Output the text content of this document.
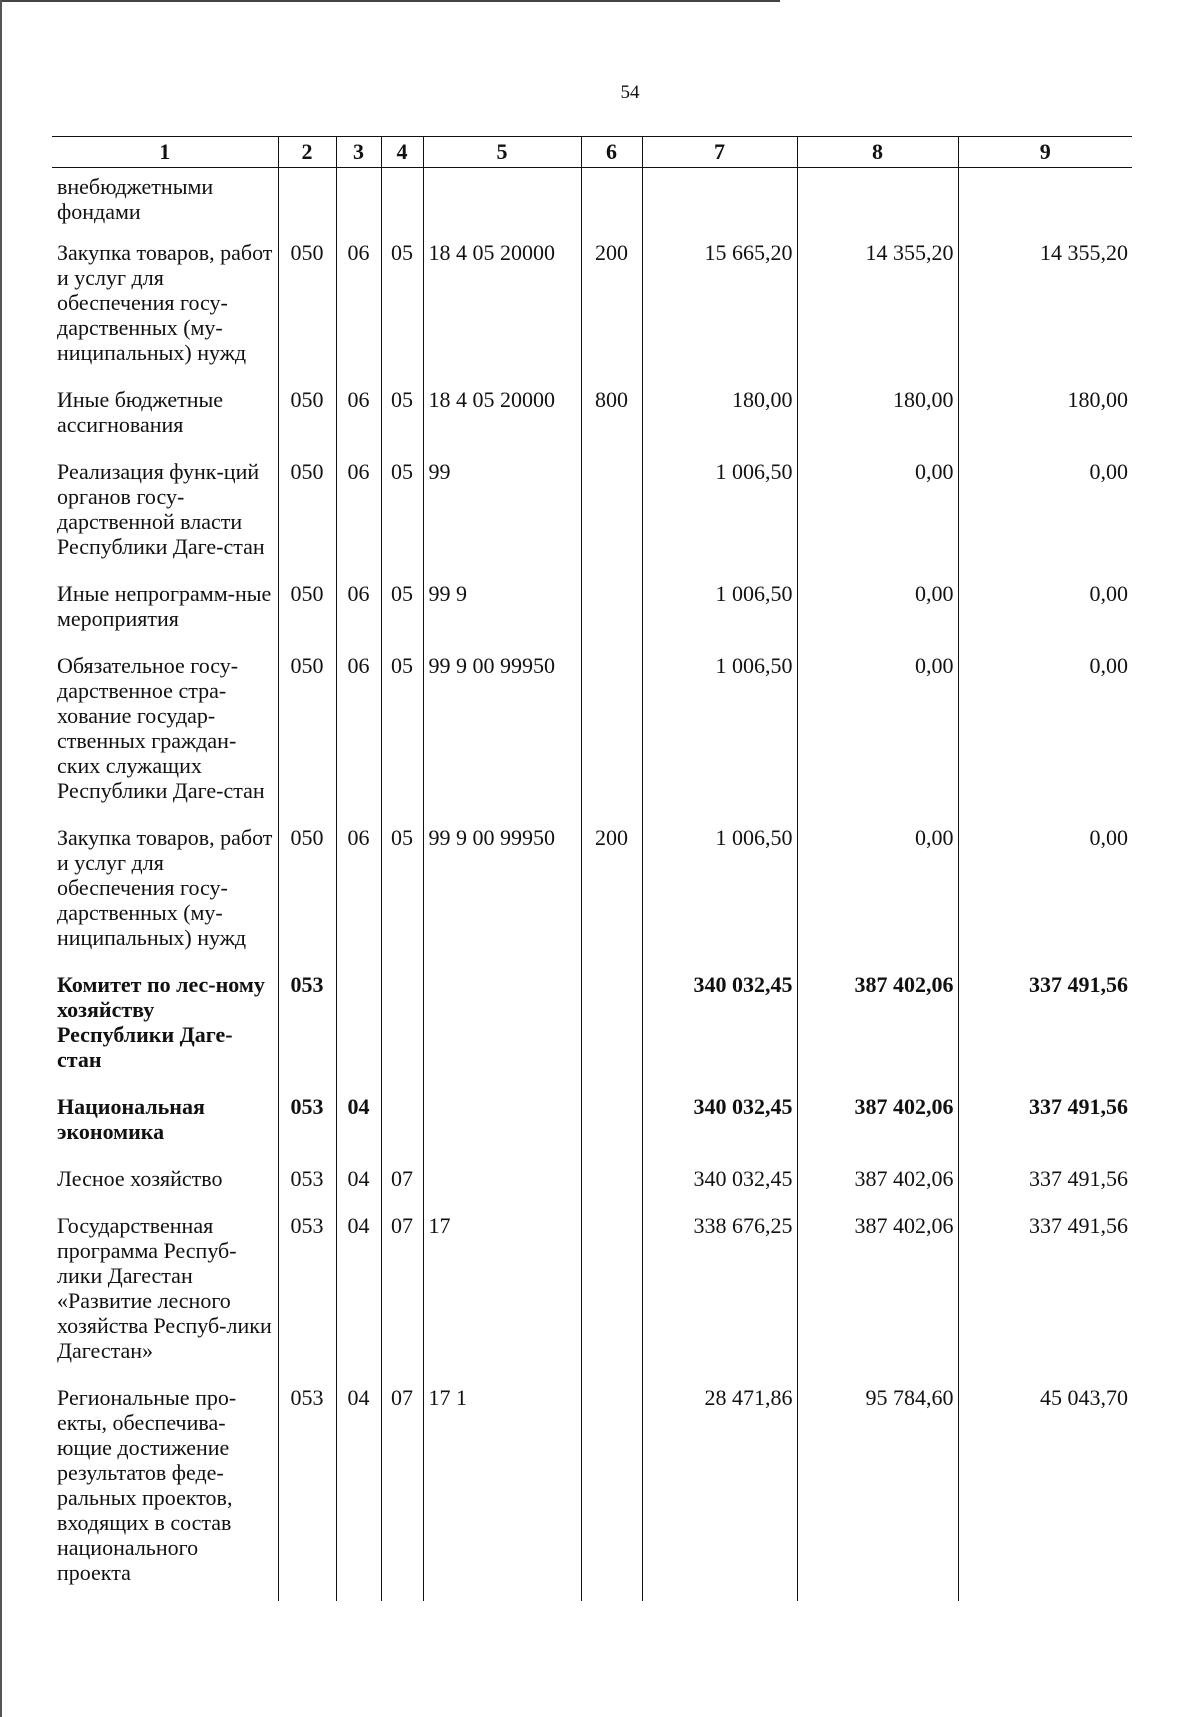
54
1	2	3	4	5	6	7	8	9
внебюджетными фондами								
Закупка товаров, работ и услуг для обеспечения госу-дарственных (му-ниципальных) нужд	050	06	05	18 4 05 20000	200	15 665,20	14 355,20	14 355,20
Иные бюджетные ассигнования	050	06	05	18 4 05 20000	800	180,00	180,00	180,00
Реализация функ-ций органов госу-дарственной власти Республики Даге-стан	050	06	05	99		1 006,50	0,00	0,00
Иные непрограмм-ные мероприятия	050	06	05	99 9		1 006,50	0,00	0,00
Обязательное госу-дарственное стра-хование государ-ственных граждан-ских служащих Республики Даге-стан	050	06	05	99 9 00 99950		1 006,50	0,00	0,00
Закупка товаров, работ и услуг для обеспечения госу-дарственных (му-ниципальных) нужд	050	06	05	99 9 00 99950	200	1 006,50	0,00	0,00
Комитет по лес-ному хозяйству Республики Даге-стан	053					340 032,45	387 402,06	337 491,56
Национальная экономика	053	04				340 032,45	387 402,06	337 491,56
Лесное хозяйство	053	04	07			340 032,45	387 402,06	337 491,56
Государственная программа Респуб-лики Дагестан «Развитие лесного хозяйства Респуб-лики Дагестан»	053	04	07	17		338 676,25	387 402,06	337 491,56
Региональные про-екты, обеспечива-ющие достижение результатов феде-ральных проектов, входящих в состав национального проекта	053	04	07	17 1		28 471,86	95 784,60	45 043,70
